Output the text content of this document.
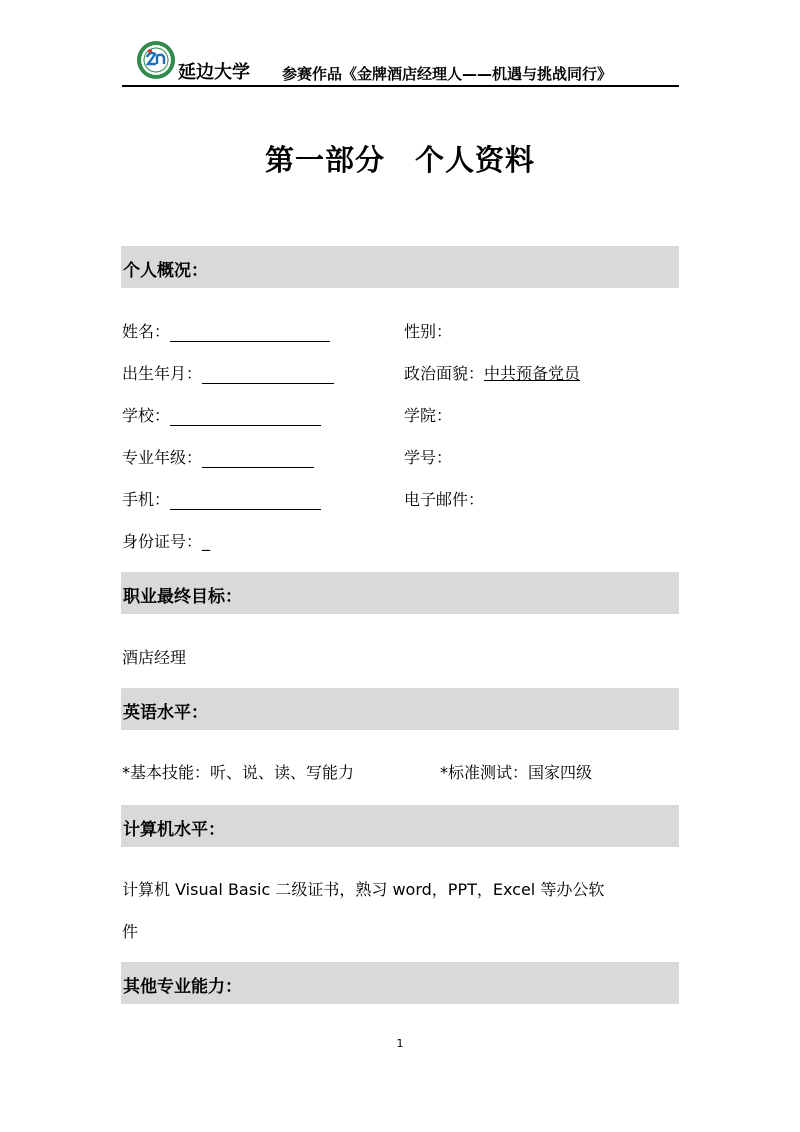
延边大学 参赛作品《金牌酒店经理人——机遇与挑战同行》
第一部分　个人资料
个人概况：
姓名：	性别：
出生年月：	政治面貌：中共预备党员
学校：	学院：
专业年级：	学号：
手机：	电子邮件：
身份证号：_
职业最终目标：
酒店经理
英语水平：
*基本技能：听、说、读、写能力	*标准测试：国家四级
计算机水平：
计算机 Visual Basic 二级证书，熟习 word，PPT，Excel 等办公软
件
其他专业能力：
1
